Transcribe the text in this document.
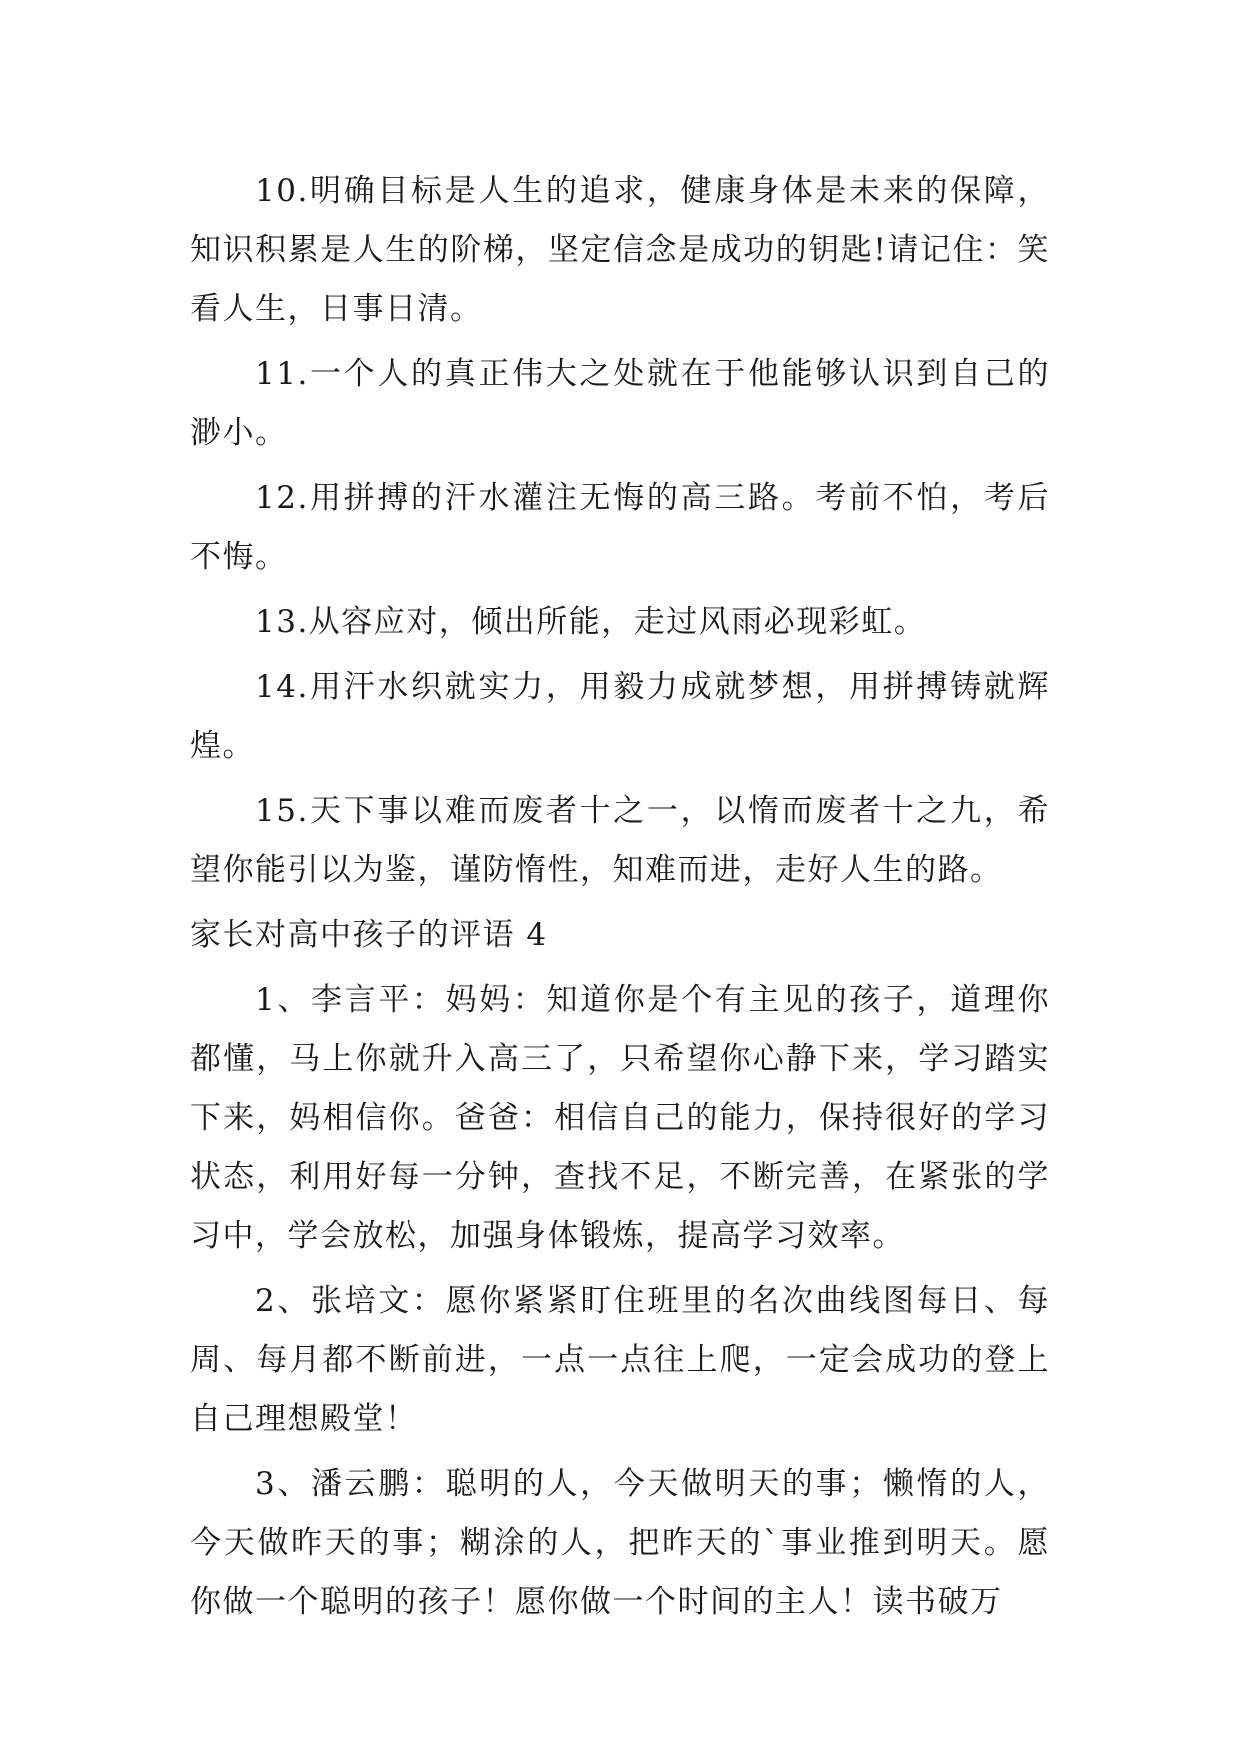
10.明确目标是人生的追求，健康身体是未来的保障，知识积累是人生的阶梯，坚定信念是成功的钥匙!请记住：笑看人生，日事日清。

11.一个人的真正伟大之处就在于他能够认识到自己的渺小。

12.用拼搏的汗水灌注无悔的高三路。考前不怕，考后不悔。

13.从容应对，倾出所能，走过风雨必现彩虹。

14.用汗水织就实力，用毅力成就梦想，用拼搏铸就辉煌。

15.天下事以难而废者十之一，以惰而废者十之九，希望你能引以为鉴，谨防惰性，知难而进，走好人生的路。

家长对高中孩子的评语 4

1、李言平：妈妈：知道你是个有主见的孩子，道理你都懂，马上你就升入高三了，只希望你心静下来，学习踏实下来，妈相信你。爸爸：相信自己的能力，保持很好的学习状态，利用好每一分钟，查找不足，不断完善，在紧张的学习中，学会放松，加强身体锻炼，提高学习效率。

2、张培文：愿你紧紧盯住班里的名次曲线图每日、每周、每月都不断前进，一点一点往上爬，一定会成功的登上自己理想殿堂！

3、潘云鹏：聪明的人，今天做明天的事；懒惰的人，今天做昨天的事；糊涂的人，把昨天的`事业推到明天。愿你做一个聪明的孩子！愿你做一个时间的主人！读书破万
